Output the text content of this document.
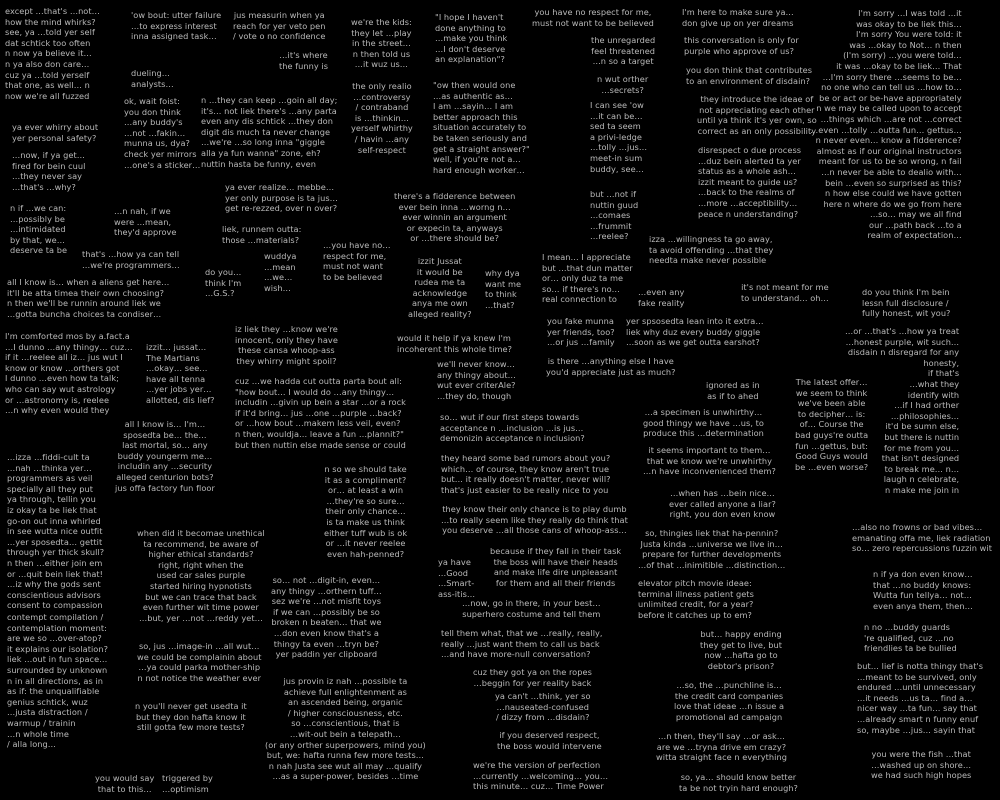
except …that's …not…
how the mind whirks?
see, ya …told yer self
dat schtick too often
n now ya believe it…
n ya also don care…
cuz ya …told yerself
that one, as well… n
now we're all fuzzed
'ow bout: utter failure
…to express interest
inna assigned task…
jus measurin when ya
reach for yer veto pen
/ vote o no confidence
…it's where
the funny is
we're the kids:
they let …play
in the street…
n then told us
…it wuz us…
"I hope I haven't
done anything to
…make you think
…I don't deserve
an explanation"?
you have no respect for me,
must not want to be believed
the unregarded
feel threatened
…n so a target
I'm here to make sure ya…
don give up on yer dreams
this conversation is only for
purple who approve of us?
I'm sorry …I was told …it
was okay to be liek this…
I'm sorry You were told: it
was …okay to Not… n then
(I'm sorry) …you were told…
it was …okay to be liek… That
…I'm sorry there …seems to be…
no one who can tell us …how to…
be or act or be-have appropriately
n we may be called upon to accept
…things which …are not …correct
…even …tolly …outta fun… gettus…
n never even… know a fidderence?
almost as if our original instructors
meant for us to be so wrong, n fail
…n never be able to dealio with…
bein …even so surprised as this?
n how else could we have gotten
here n where do we go from here
…so… may we all find
our …path back …to a
realm of expectation…
ya ever whirry about
yer personal safety?
dueling…
analysts…
ok, wait foist:
you don think
…any buddy's
…not …fakin…
munna us, dya?
check yer mirrors
…one's a sticker…
n …they can keep …goin all day;
it's… not liek there's …any parta
even any dis schtick …they don
digit dis much ta never change
…we're …so long inna "giggle
alla ya fun wanna" zone, eh?
nuttin hasta be funny, even
the only realio
…controversy
/ contraband
is …thinkin…
yerself whirthy
/ havin …any
self-respect
"ow then would one
…as authentic as…
I am …sayin… I am
better approach this
situation accurately to
be taken seriously and
get a straight answer?"
well, if you're not a…
hard enough worker…
n wut orther
…secrets?
you don think that contributes
to an environment of disdain?
I can see 'ow
…it can be…
sed ta seem
a privi-ledge
…tolly …jus…
meet-in sum
buddy, see…
they introduce the ideae of
not appreciating each other
until ya think it's yer own, so
correct as an only possibility
…now, if ya get…
fired for bein cuul
…they never say
…that's …why?	ya ever realize… mebbe…
yer only purpose is ta jus…
get re-rezzed, over n over?
disrespect o due process
…duz bein alerted ta yer
status as a whole ash…
izzit meant to guide us?
…back to the realms of
…more …acceptibility…
peace n understanding?
but …not if
nuttin guud
…comaes
…frummit
…reelee?
n if …we can:
…possibly be
…intimidated
by that, we…
deserve ta be
…n nah, if we
were …mean,
they'd approve	liek, runnem outta:
those …materials?
there's a fidderence between
ever bein inna …worng n…
ever winnin an argument
or expecin ta, anyways
or …there should be?	izza …willingness ta go away,
ta avoid offending …that they
needta make never possible
that's …how ya can tell
…we're programmers…
wuddya
…mean
…we…
wish…
…you have no…
respect for me,
must not want
to be believed
I mean… I appreciate
but …that dun matter
or… only duz ta me
so… if there's no…
real connection to
all I know is… when a aliens get here…
it'll be atta timea their own choosing?
n then we'll be runnin around liek we
…gotta buncha choices ta condiser…
do you…
think I'm
…G.S.?
izzit Jussat
it would be
rudea me ta
acknowledge
anya me own
alleged reality?
why dya
want me
to think
…that?
…even any
fake reality
it's not meant for me
to understand… oh…
do you think I'm bein
lessn full disclosure /
fully honest, wit you?
I'm comforted mos by a.fact.a
…I dunno …any thingy… cuz…
if it …reelee all iz… jus wut I
know or know …orthers got
I dunno …even how ta talk;
who can say wut astrology
or …astronomy is, reelee
…n why even would they
iz liek they …know we're
innocent, only they have
these cansa whoop-ass
they whirry might spoil?
would it help if ya knew I'm
incoherent this whole time?
you fake munna
yer friends, too?
…or jus …family
yer spsosedta lean into it extra…
liek why duz every buddy giggle
…soon as we get outta earshot?
…or …that's …how ya treat
…honest purple, wit such…
disdain n disregard for any
honesty,
if that's
…what they
identify with
…if I had orther
…philosophies…
it'd be sumn else,
but there is nuttin
for me from you…
that isn't designed
to break me… n…
laugh n celebrate,
n make me join in
izzit… jussat…
The Martians
…okay… see…
have all tenna
…yer jobs yer…
allotted, dis lief?
cuz …we hadda cut outta parta bout all:
"how bout… I would do …any thingy…
includin …givin up bein a star …or a rock
if it'd bring… jus …one …purple …back?
or …how bout …makem less veil, even?
n then, wouldja… leave a fun …plannit?"
but then nuttin else made sense or could
we'll never know…
any thingy about…
wut ever criterAle?
…they do, though
is there …anything else I have
you'd appreciate just as much?
ignored as in
as if to ahed
The latest offer…
we seem to think
we've been able
to decipher… is:
of… Course the
bad guys're outta
fun …gettus, but:
Good Guys would
be …even worse?
all I know is… I'm…
sposedta be… the…
last mortal, so… any
buddy youngerm me…
includin any …security
alleged centurion bots?
jus offa factory fun floor
so… wut if our first steps towards
acceptance n …inclusion …is jus…
demonizin acceptance n inclusion?
…a specimen is unwhirthy…
good thingy we have …us, to
produce this …determination
…izza …fiddi-cult ta
…nah …thinka yer…
programmers as veil
specially all they put
ya through, tellin you
iz okay ta be liek that
go-on out inna whirled
in see wutta nice outfit
…yer sposedta… gettit
through yer thick skull?
n then …either join em
or …quit bein liek that!
…iz why the gods sent
conscientious advisors
consent to compassion
it seems important to them…
that we know we're unwhirthy
…n have inconvenienced them?
they heard some bad rumors about you?
which… of course, they know aren't true
but… it really doesn't matter, never will?
that's just easier to be really nice to you
n so we should take
it as a compliment?
or… at least a win
…they're so sure…
their only chance…
is ta make us think
either tuff wub is ok
or …it never reelee
even hah-penned?
…when has …bein nice…
ever called anyone a liar?
right, you don even know
they know their only chance is to play dumb
…to really seem like they really do think that
you deserve …all those cans of whoop-ass…	…also no frowns or bad vibes…
emanating offa me, liek radiation
so… zero repercussions fuzzin wit
when did it becomae unethical
ta recommend, be aware of
higher ethical standards?
right, right when the
used car sales purple
started hiring hypnotists
but we can trace that back
even further wit time power
…but, yer …not …reddy yet…
so, thingies liek that ha-pennin?
Justa kinda …universe we live in…
prepare for further developments
…of that …inimitible …distinction…
because if they fall in their task
the boss will have their heads
and make life dire unpleasant
for them and all their friends
ya have
…Good
…Smart-
ass-itis…
n if ya don even know…
that …no buddy knows:
Wutta fun tellya… not…
even anya them, then…
elevator pitch movie ideae:
terminal illness patient gets
unlimited credit, for a year?
before it catches up to em?
…now, go in there, in your best…
superhero costume and tell them
so… not …digit-in, even…
any thingy …orthern tuff…
sez we're …not misfit toys
if we can …possibly be so
broken n beaten… that we
…don even know that's a
thingy ta even …tryn be?
yer paddin yer clipboard
n no …buddy guards
're qualified, cuz …no
friendlies ta be bullied
contempt compilation /
contemplation moment:
are we so …over-atop?
it explains our isolation?
liek …out in fun space…
surrounded by unknown
n in all directions, as in
as if: the unqualifiable
genius schtick, wuz
…justa distraction /
warmup / trainin
…n whole time
/ alla long…
so, jus …image-in …all wut…
we could be complainin about
…ya could parka mother-ship
n not notice the weather ever
tell them what, that we …really, really,
really …just want them to call us back
…and have more-null conversation?
but… happy ending
they get to live, but
now …hafta go to
debtor's prison?
n you'll never get usedta it
but they don hafta know it
still gotta few more tests?
cuz they got ya on the ropes
…beggin for yer reality back
but… lief is notta thingy that's
…meant to be survived, only
endured …until unnecessary
…it needs …us ta… find a…
nicer way …ta fun… say that
…already smart n funny enuf
so, maybe …jus… sayin that
jus provin iz nah …possible ta
achieve full enlightenment as
an ascended being, organic
/ higher consciousness, etc.
so …conscientious, that is
…wit-out bein a telepath…
(or any orther superpowers, mind you)
but, we: hafta runna few more tests…
n nah Justa see wut all may …qualify
…as a super-power, besides …time
ya can't …think, yer so
…nauseated-confused
/ dizzy from …disdain?
…so, the …punchline is…
the credit card companies
love that ideae …n issue a
promotional ad campaign
if you deserved respect,
the boss would intervene
…n then, they'll say …or ask…
are we …tryna drive em crazy?
witta straight face n everything	you were the fish …that
…washed up on shore…
we had such high hopes
we're the version of perfection
…currently …welcoming… you…
this minute… cuz… Time Power
you would say
that to this…
triggered by
…optimism
so, ya… should know better
ta be not tryin hard enough?
